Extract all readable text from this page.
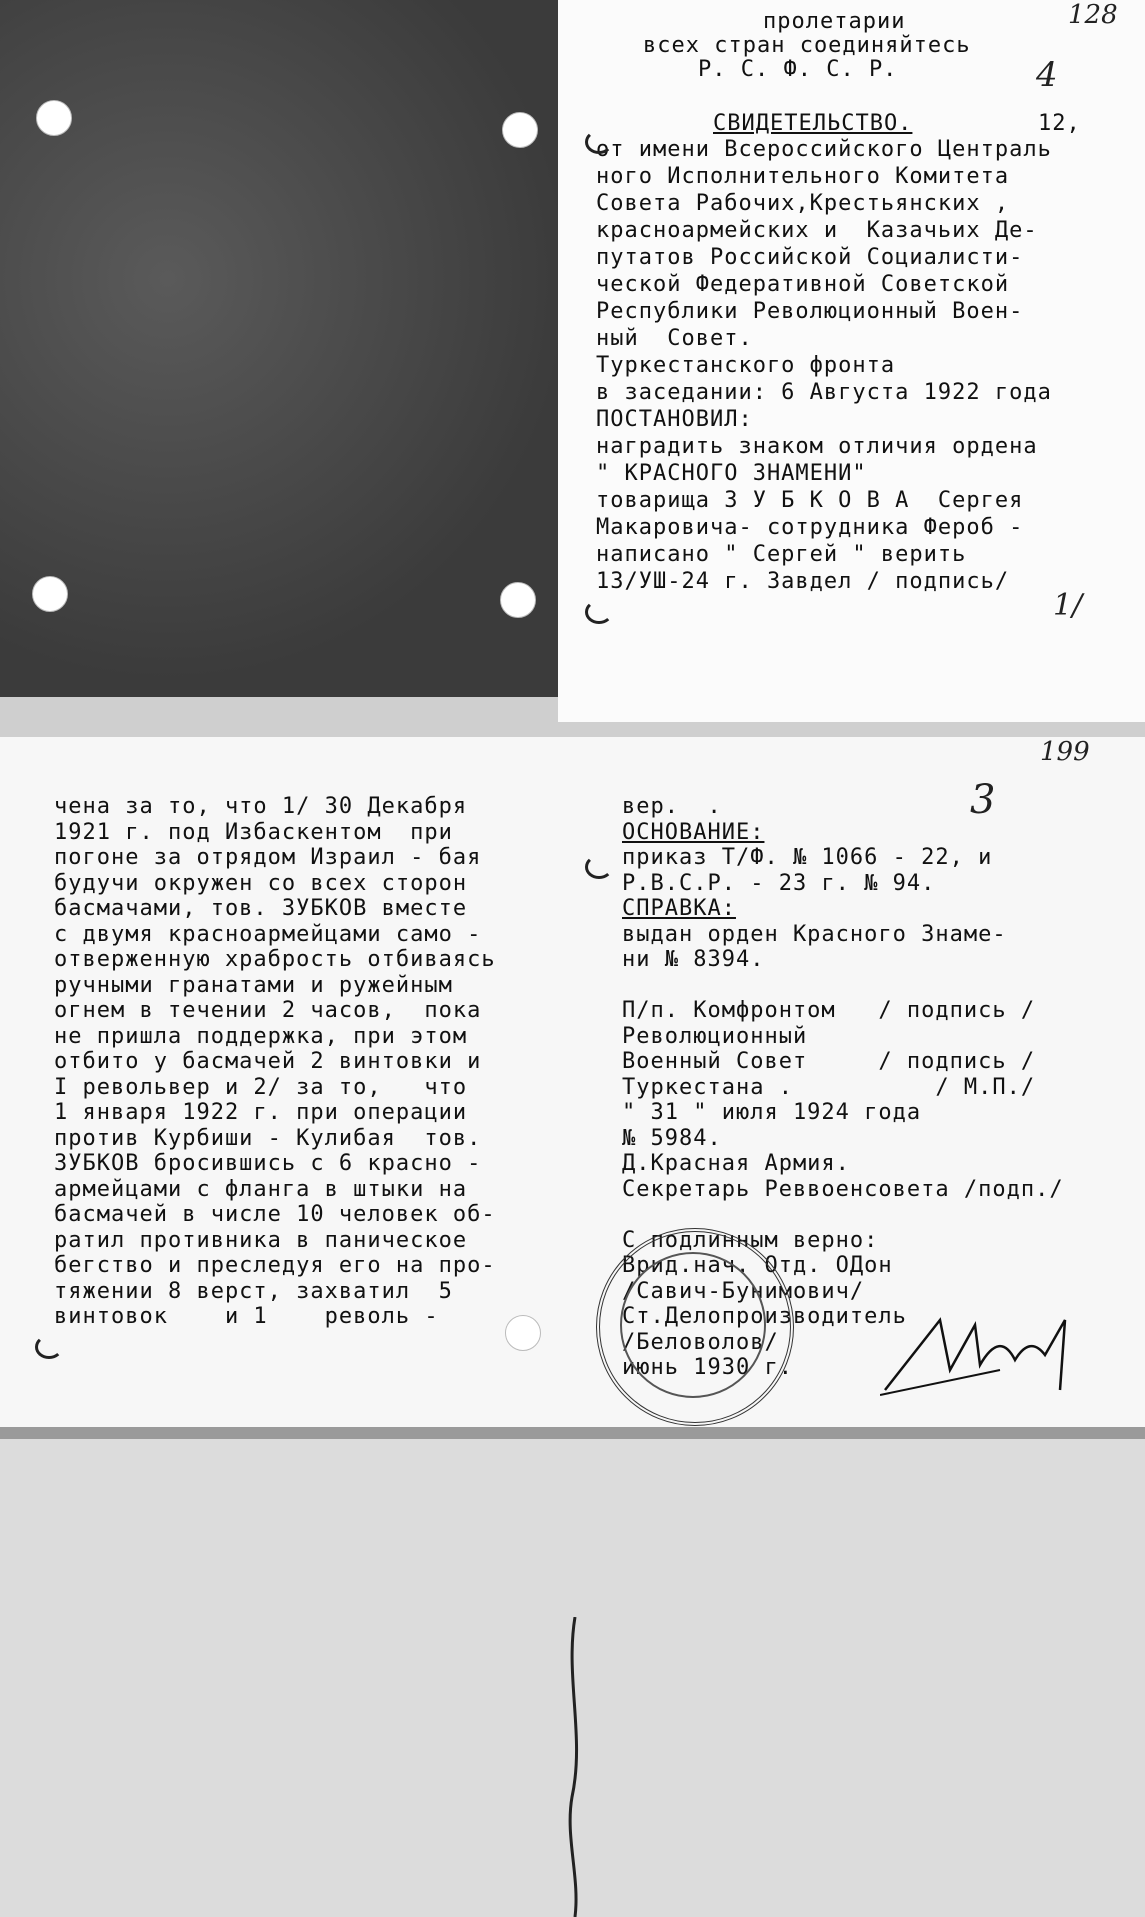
пролетарии
всех стран соединяйтесь
Р. С. Ф. С. Р.
128
4
СВИДЕТЕЛЬСТВО.	12,
от имени Всероссийского Централь
ного Исполнительного Комитета
Совета Рабочих,Крестьянских ,
красноармейских и  Казачьих Де-
путатов Российской Социалисти-
ческой Федеративной Советской
Республики Революционный Воен-
ный  Совет.
Туркестанского фронта
в заседании: 6 Августа 1922 года
ПОСТАНОВИЛ:
наградить знаком отличия ордена
" КРАСНОГО ЗНАМЕНИ"
товарища З У Б К О В А  Сергея
Макаровича- сотрудника Фероб -
написано " Сергей " верить
13/УШ-24 г. Завдел / подпись/
1/
199
3
чена за то, что 1/ 30 Декабря
1921 г. под Избаскентом  при
погоне за отрядом Израил - бая
будучи окружен со всех сторон
басмачами, тов. ЗУБКОВ вместе
с двумя красноармейцами само -
отверженную храбрость отбиваясь
ручными гранатами и ружейным
огнем в течении 2 часов,  пока
не пришла поддержка, при этом
отбито у басмачей 2 винтовки и
I револьвер и 2/ за то,   что
1 января 1922 г. при операции
против Курбиши - Кулибая  тов.
ЗУБКОВ бросившись с 6 красно -
армейцами с фланга в штыки на
басмачей в числе 10 человек об-
ратил противника в паническое
бегство и преследуя его на про-
тяжении 8 верст, захватил  5
винтовок    и 1    револь -
вер.  .
ОСНОВАНИЕ:
приказ Т/Ф. № 1066 - 22, и
Р.В.С.Р. - 23 г. № 94.
СПРАВКА:
выдан орден Красного Знаме-
ни № 8394.
П/п. Комфронтом   / подпись /
Революционный
Военный Совет     / подпись /
Туркестана .          / М.П./
" 31 " июля 1924 года
№ 5984.
Д.Красная Армия.
Секретарь Реввоенсовета /подп./
С подлинным верно:
Врид.нач. Отд. ОДон
/Савич-Бунимович/
Ст.Делопроизводитель
/Беловолов/
июнь 1930 г.
